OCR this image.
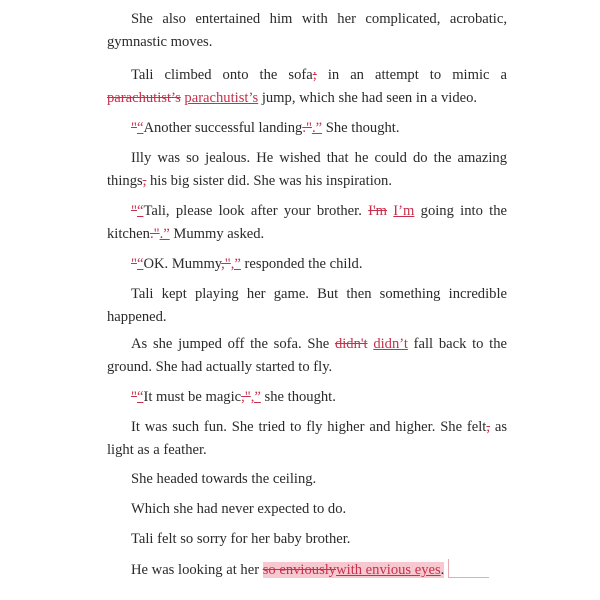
She also entertained him with her complicated, acrobatic, gymnastic moves.

Tali climbed onto the sofa; in an attempt to mimic a parachutist’s parachutist’s jump, which she had seen in a video.

"“Another successful landing.".” She thought.

Illy was so jealous. He wished that he could do the amazing things, his big sister did. She was his inspiration.

"“Tali, please look after your brother. I'm I’m going into the kitchen.".” Mummy asked.

"“OK. Mummy,",” responded the child.

Tali kept playing her game. But then something incredible happened.

As she jumped off the sofa. She didn't didn’t fall back to the ground. She had actually started to fly.

"“It must be magic,",” she thought.

It was such fun. She tried to fly higher and higher. She felt, as light as a feather.

She headed towards the ceiling.

Which she had never expected to do.

Tali felt so sorry for her baby brother.

He was looking at her so enviouslywith envious eyes.
